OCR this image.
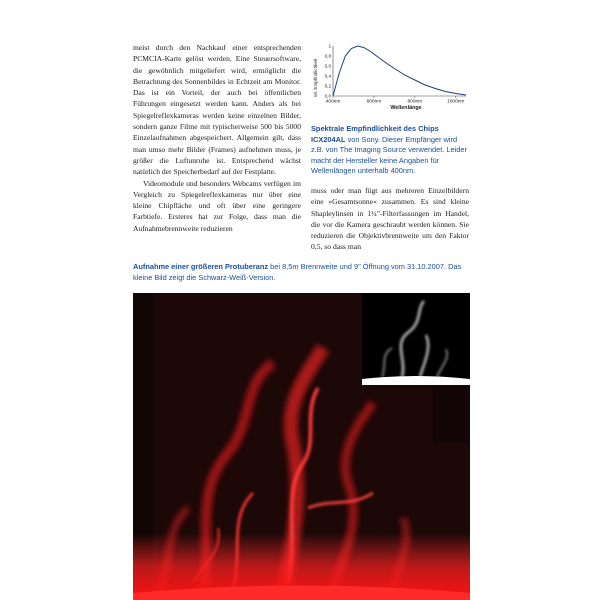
meist durch den Nachkauf einer entsprechenden PCMCIA-Karte gelöst werden. Eine Steuersoftware, die gewöhnlich mitgeliefert wird, ermöglicht die Betrachtung des Sonnenbildes in Echtzeit am Monitor. Das ist ein Vorteil, der auch bei öffentlichen Führungen eingesetzt werden kann. Anders als bei Spiegelreflexkameras werden keine einzelnen Bilder, sondern ganze Filme mit typischerweise 500 bis 5000 Einzelaufnahmen abgespeichert. Allgemein gilt, dass man umso mehr Bilder (Frames) aufnehmen muss, je größer die Luftunruhe ist. Entsprechend wächst natürlich der Speicherbedarf auf der Festplatte.

Videomodule und besonders Webcams verfügen im Vergleich zu Spiegelreflexkameras nur über eine kleine Chipfläche und oft über eine geringere Farbtiefe. Ersteres hat zur Folge, dass man die Aufnahmebrennweite reduzieren

rel. Empfindlichkeit
1
0,8
0,6
0,4
0,2
0,0
400nm	600nm	800nm	1000nm
Wellenlänge
Spektrale Empfindlichkeit des Chips ICX204AL von Sony. Dieser Empfänger wird z.B. von The Imaging Source verwendet. Leider macht der Hersteller keine Angaben für Wellenlängen unterhalb 400nm.

muss oder man fügt aus mehreren Einzelbildern eine »Gesamtsonne« zusammen. Es sind kleine Shapleylinsen in 1¼"-Filterfassungen im Handel, die vor die Kamera geschraubt werden können. Sie reduzieren die Objektivbrennweite um den Faktor 0,5, so dass man

Aufnahme einer größeren Protuberanz bei 8,5m Brennweite und 9" Öffnung vom 31.10.2007. Das kleine Bild zeigt die Schwarz-Weiß-Version.
